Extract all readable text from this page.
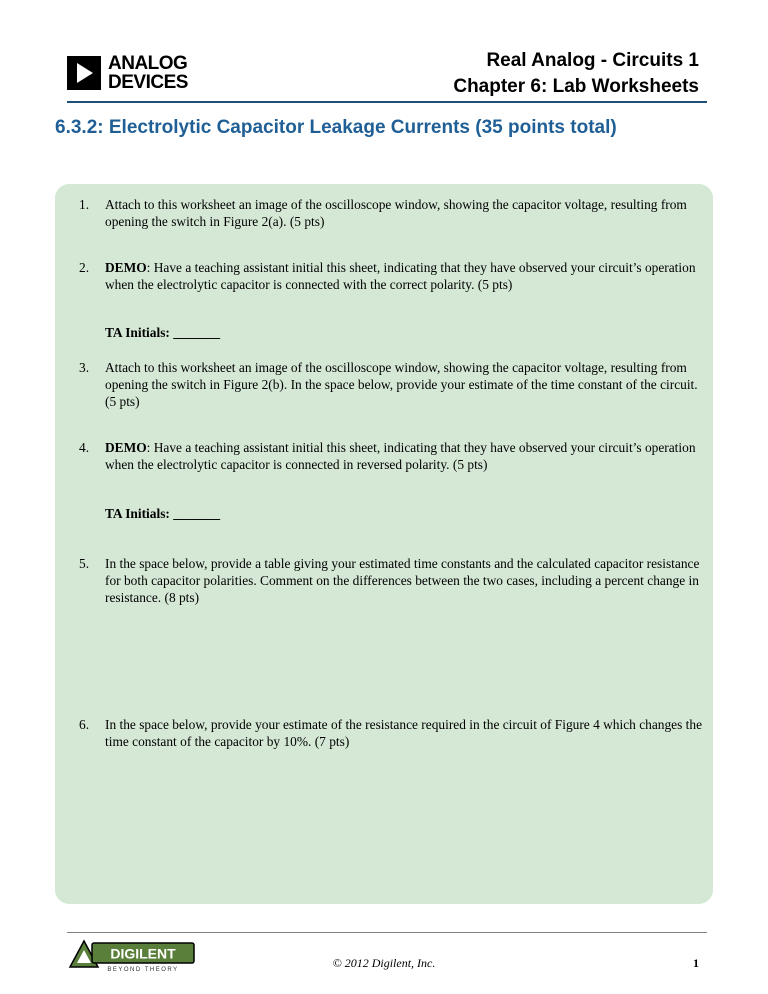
ANALOG
DEVICES
Real Analog - Circuits 1
Chapter 6: Lab Worksheets
6.3.2: Electrolytic Capacitor Leakage Currents (35 points total)
1.	Attach to this worksheet an image of the oscilloscope window, showing the capacitor voltage, resulting from opening the switch in Figure 2(a). (5 pts)
2.	DEMO: Have a teaching assistant initial this sheet, indicating that they have observed your circuit’s operation when the electrolytic capacitor is connected with the correct polarity. (5 pts)
TA Initials: _______
3.	Attach to this worksheet an image of the oscilloscope window, showing the capacitor voltage, resulting from opening the switch in Figure 2(b). In the space below, provide your estimate of the time constant of the circuit. (5 pts)
4.	DEMO: Have a teaching assistant initial this sheet, indicating that they have observed your circuit’s operation when the electrolytic capacitor is connected in reversed polarity. (5 pts)
TA Initials: _______
5.	In the space below, provide a table giving your estimated time constants and the calculated capacitor resistance for both capacitor polarities. Comment on the differences between the two cases, including a percent change in resistance. (8 pts)
6.	In the space below, provide your estimate of the resistance required in the circuit of Figure 4 which changes the time constant of the capacitor by 10%. (7 pts)
DIGILENT
BEYOND THEORY	© 2012 Digilent, Inc.	1
